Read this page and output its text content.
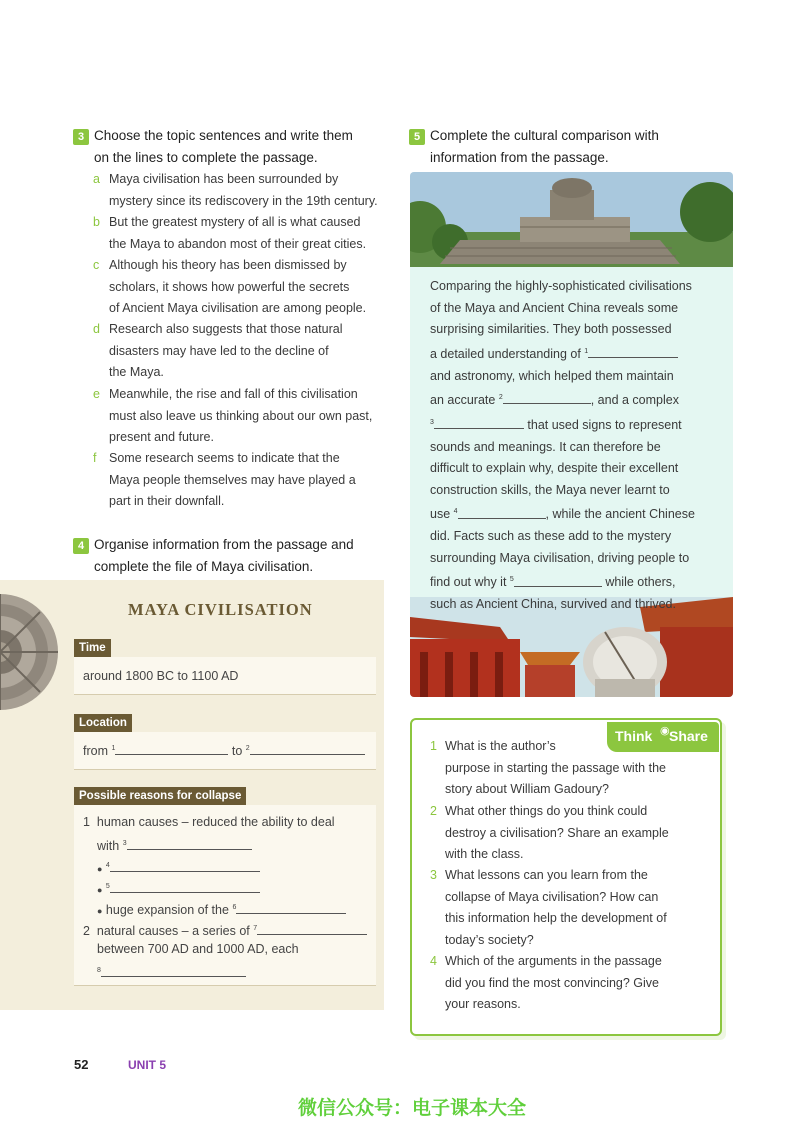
3 Choose the topic sentences and write them
on the lines to complete the passage.
a Maya civilisation has been surrounded by
mystery since its rediscovery in the 19th century.
b But the greatest mystery of all is what caused
the Maya to abandon most of their great cities.
c Although his theory has been dismissed by
scholars, it shows how powerful the secrets
of Ancient Maya civilisation are among people.
d Research also suggests that those natural
disasters may have led to the decline of
the Maya.
e Meanwhile, the rise and fall of this civilisation
must also leave us thinking about our own past,
present and future.
f Some research seems to indicate that the
Maya people themselves may have played a
part in their downfall.
4 Organise information from the passage and
complete the file of Maya civilisation.
MAYA CIVILISATION
Time
around 1800 BC to 1100 AD
Location
from $^1$	to $^2$
Possible reasons for collapse
1 human causes – reduced the ability to deal
with $^3$
● $^4$
● $^5$
● huge expansion of the $^6$
2 natural causes – a series of $^7$
between 700 AD and 1000 AD, each
$^8$
5 Complete the cultural comparison with
information from the passage.
Comparing the highly-sophisticated civilisations
of the Maya and Ancient China reveals some
surprising similarities. They both possessed
a detailed understanding of $^1$
and astronomy, which helped them maintain
an accurate $^2$	, and a complex
$^3$	that used signs to represent
sounds and meanings. It can therefore be
difficult to explain why, despite their excellent
construction skills, the Maya never learnt to
use $^4$	, while the ancient Chinese
did. Facts such as these add to the mystery
surrounding Maya civilisation, driving people to
find out why it $^5$	while others,
such as Ancient China, survived and thrived.
Think ◉ Share
1 What is the author’s
purpose in starting the passage with the
story about William Gadoury?
2 What other things do you think could
destroy a civilisation? Share an example
with the class.
3 What lessons can you learn from the
collapse of Maya civilisation? How can
this information help the development of
today’s society?
4 Which of the arguments in the passage
did you find the most convincing? Give
your reasons.
52	UNIT 5
微信公众号：电子课本大全
